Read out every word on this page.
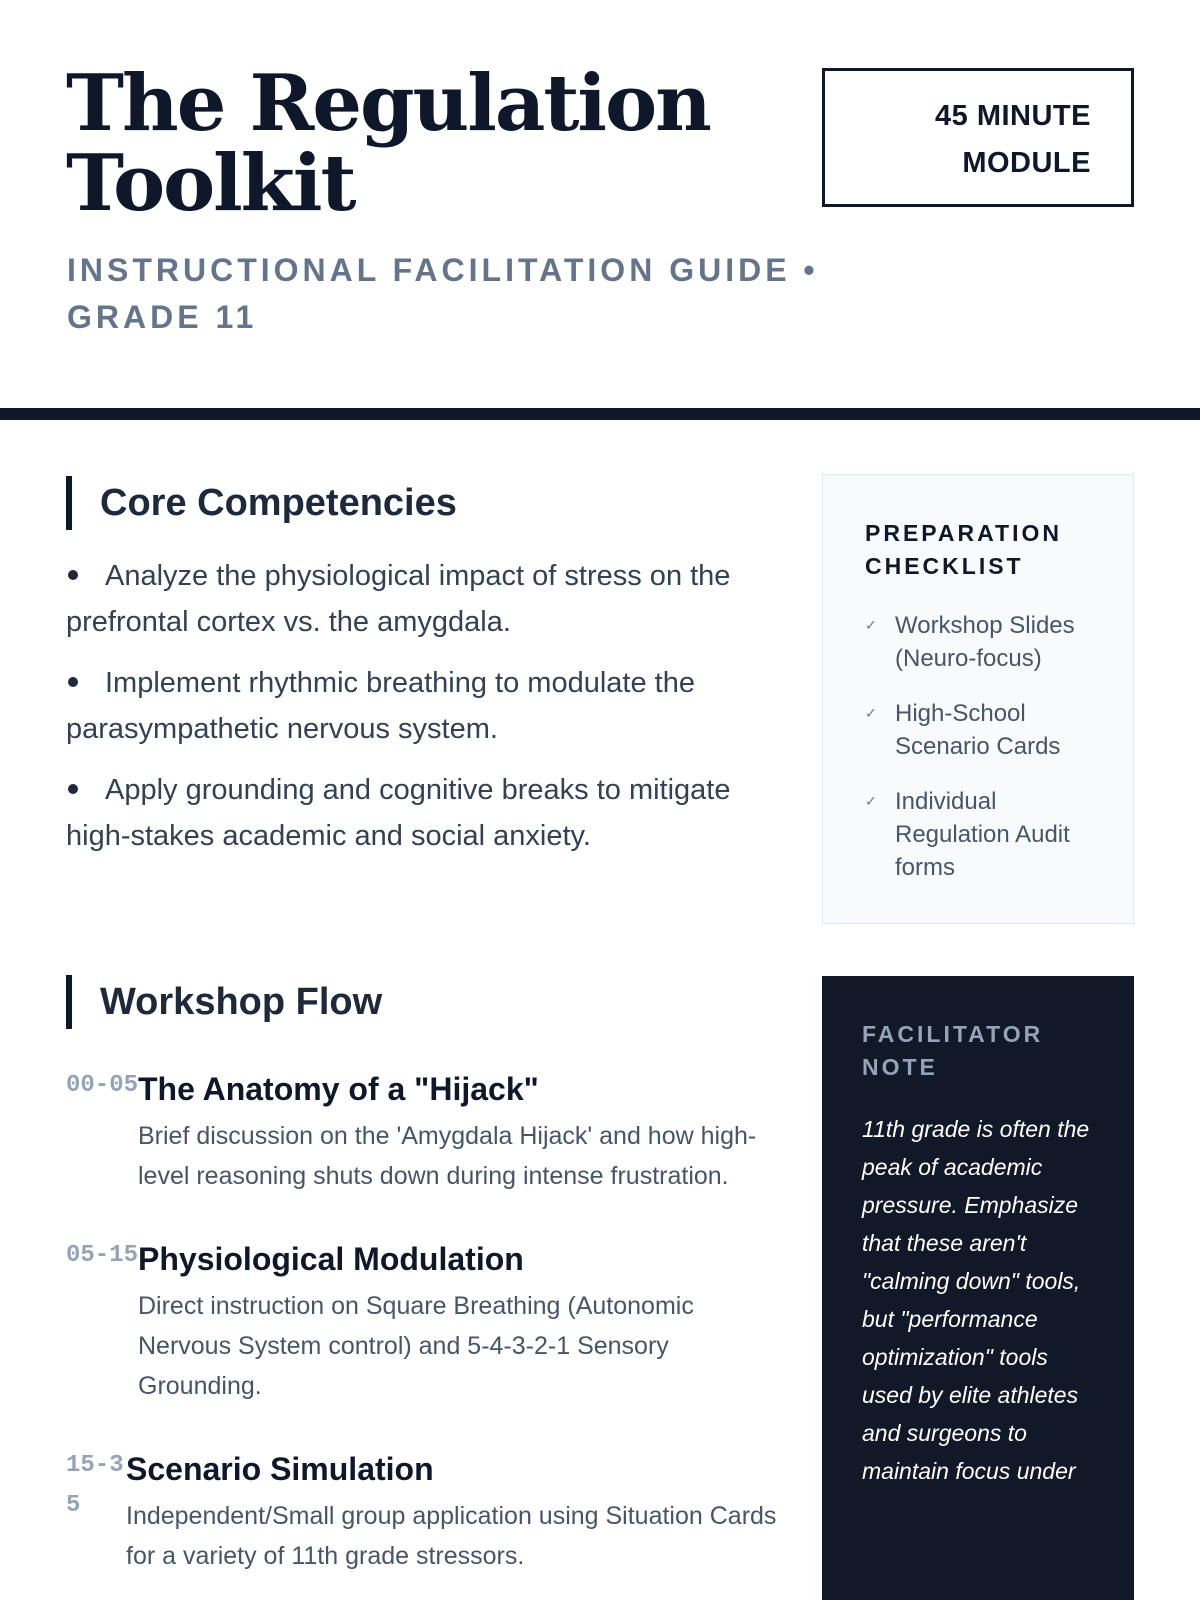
The Regulation Toolkit
INSTRUCTIONAL FACILITATION GUIDE • GRADE 11
45 MINUTE MODULE
Core Competencies
Analyze the physiological impact of stress on the prefrontal cortex vs. the amygdala.
Implement rhythmic breathing to modulate the parasympathetic nervous system.
Apply grounding and cognitive breaks to mitigate high-stakes academic and social anxiety.
PREPARATION CHECKLIST
✓ Workshop Slides (Neuro-focus)
✓ High-School Scenario Cards
✓ Individual Regulation Audit forms
Workshop Flow
00-05 The Anatomy of a "Hijack"
Brief discussion on the 'Amygdala Hijack' and how high-level reasoning shuts down during intense frustration.
05-15 Physiological Modulation
Direct instruction on Square Breathing (Autonomic Nervous System control) and 5-4-3-2-1 Sensory Grounding.
15-35
Scenario Simulation
Independent/Small group application using Situation Cards for a variety of 11th grade stressors.
FACILITATOR NOTE

11th grade is often the peak of academic pressure. Emphasize that these aren't "calming down" tools, but "performance optimization" tools used by elite athletes and surgeons to maintain focus under
